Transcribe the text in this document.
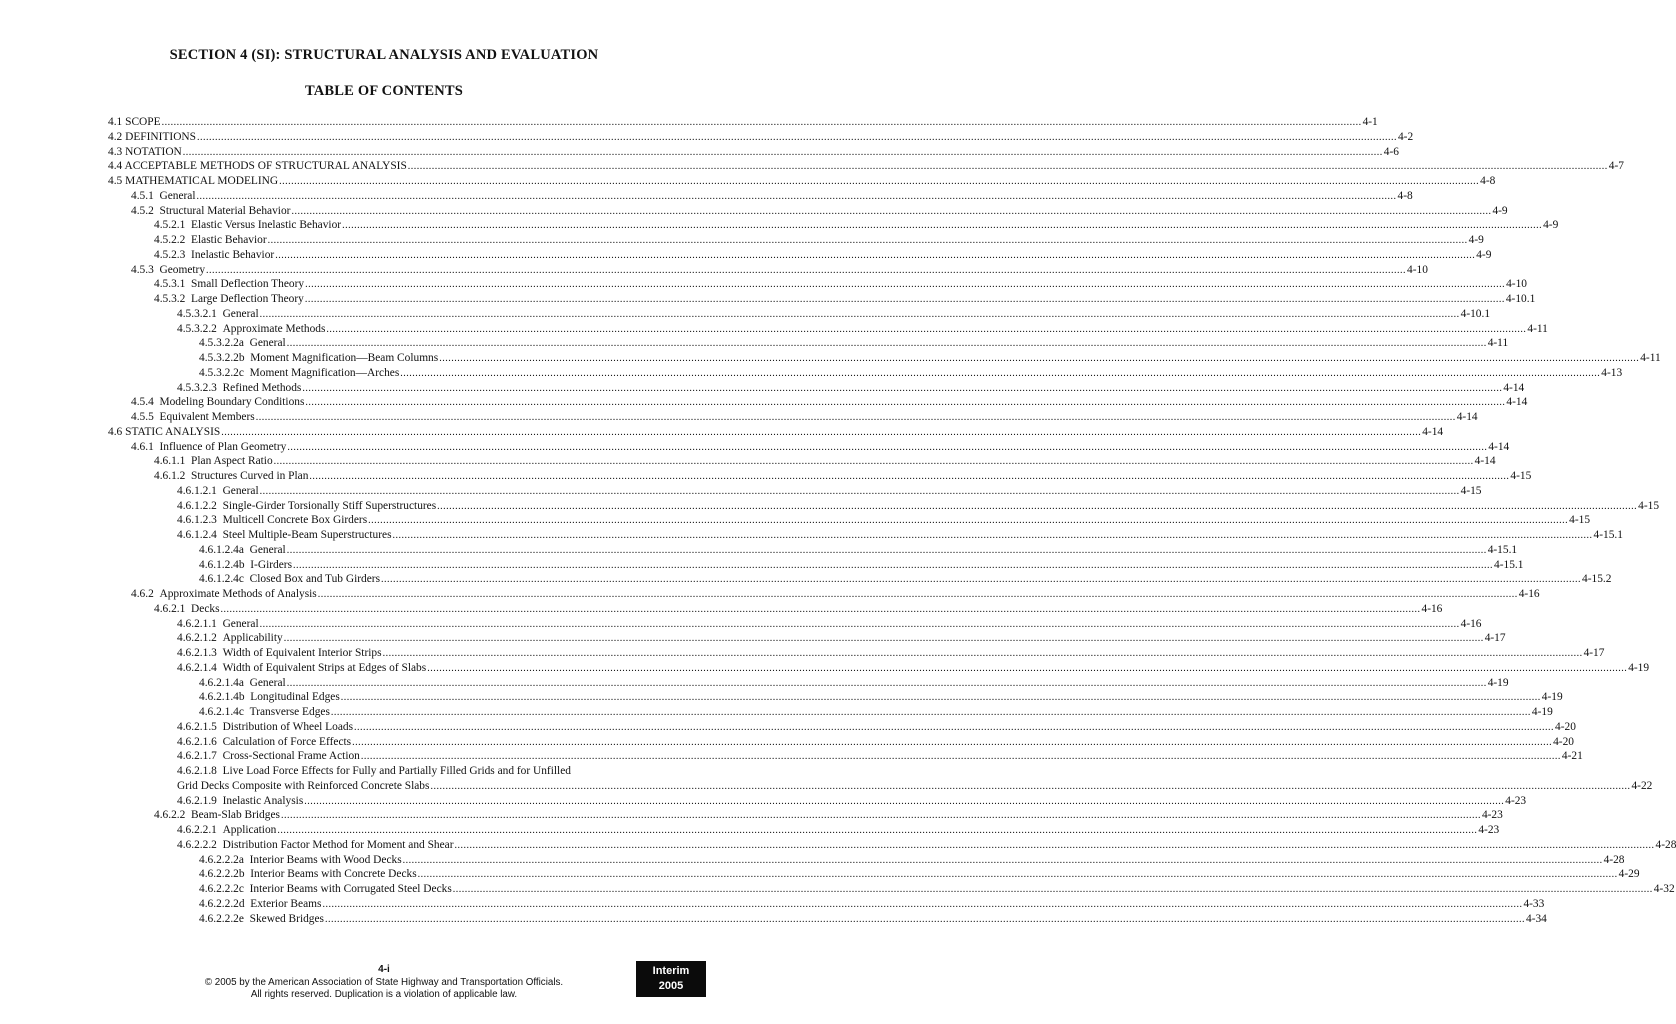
SECTION 4 (SI): STRUCTURAL ANALYSIS AND EVALUATION
TABLE OF CONTENTS
4.1 SCOPE ................................................................................................................................................................................................................................................................................................................................................................................................................ 4-1
4.2 DEFINITIONS ................................................................................................................................................................................................................................................................................................................................................................................................................ 4-2
4.3 NOTATION ................................................................................................................................................................................................................................................................................................................................................................................................................ 4-6
4.4 ACCEPTABLE METHODS OF STRUCTURAL ANALYSIS ................................................................................................................................................................................................................................................................................................................................................................................................................ 4-7
4.5 MATHEMATICAL MODELING ................................................................................................................................................................................................................................................................................................................................................................................................................ 4-8
4.5.1 General ................................................................................................................................................................................................................................................................................................................................................................................................................ 4-8
4.5.2 Structural Material Behavior ................................................................................................................................................................................................................................................................................................................................................................................................................ 4-9
4.5.2.1 Elastic Versus Inelastic Behavior ................................................................................................................................................................................................................................................................................................................................................................................................................ 4-9
4.5.2.2 Elastic Behavior ................................................................................................................................................................................................................................................................................................................................................................................................................ 4-9
4.5.2.3 Inelastic Behavior ................................................................................................................................................................................................................................................................................................................................................................................................................ 4-9
4.5.3 Geometry ................................................................................................................................................................................................................................................................................................................................................................................................................ 4-10
4.5.3.1 Small Deflection Theory ................................................................................................................................................................................................................................................................................................................................................................................................................ 4-10
4.5.3.2 Large Deflection Theory ................................................................................................................................................................................................................................................................................................................................................................................................................ 4-10.1
4.5.3.2.1 General ................................................................................................................................................................................................................................................................................................................................................................................................................ 4-10.1
4.5.3.2.2 Approximate Methods ................................................................................................................................................................................................................................................................................................................................................................................................................ 4-11
4.5.3.2.2a General ................................................................................................................................................................................................................................................................................................................................................................................................................ 4-11
4.5.3.2.2b Moment Magnification—Beam Columns ................................................................................................................................................................................................................................................................................................................................................................................................................ 4-11
4.5.3.2.2c Moment Magnification—Arches ................................................................................................................................................................................................................................................................................................................................................................................................................ 4-13
4.5.3.2.3 Refined Methods ................................................................................................................................................................................................................................................................................................................................................................................................................ 4-14
4.5.4 Modeling Boundary Conditions ................................................................................................................................................................................................................................................................................................................................................................................................................ 4-14
4.5.5 Equivalent Members ................................................................................................................................................................................................................................................................................................................................................................................................................ 4-14
4.6 STATIC ANALYSIS ................................................................................................................................................................................................................................................................................................................................................................................................................ 4-14
4.6.1 Influence of Plan Geometry ................................................................................................................................................................................................................................................................................................................................................................................................................ 4-14
4.6.1.1 Plan Aspect Ratio ................................................................................................................................................................................................................................................................................................................................................................................................................ 4-14
4.6.1.2 Structures Curved in Plan ................................................................................................................................................................................................................................................................................................................................................................................................................ 4-15
4.6.1.2.1 General ................................................................................................................................................................................................................................................................................................................................................................................................................ 4-15
4.6.1.2.2 Single-Girder Torsionally Stiff Superstructures ................................................................................................................................................................................................................................................................................................................................................................................................................ 4-15
4.6.1.2.3 Multicell Concrete Box Girders ................................................................................................................................................................................................................................................................................................................................................................................................................ 4-15
4.6.1.2.4 Steel Multiple-Beam Superstructures ................................................................................................................................................................................................................................................................................................................................................................................................................ 4-15.1
4.6.1.2.4a General ................................................................................................................................................................................................................................................................................................................................................................................................................ 4-15.1
4.6.1.2.4b I-Girders ................................................................................................................................................................................................................................................................................................................................................................................................................ 4-15.1
4.6.1.2.4c Closed Box and Tub Girders ................................................................................................................................................................................................................................................................................................................................................................................................................ 4-15.2
4.6.2 Approximate Methods of Analysis ................................................................................................................................................................................................................................................................................................................................................................................................................ 4-16
4.6.2.1 Decks ................................................................................................................................................................................................................................................................................................................................................................................................................ 4-16
4.6.2.1.1 General ................................................................................................................................................................................................................................................................................................................................................................................................................ 4-16
4.6.2.1.2 Applicability ................................................................................................................................................................................................................................................................................................................................................................................................................ 4-17
4.6.2.1.3 Width of Equivalent Interior Strips ................................................................................................................................................................................................................................................................................................................................................................................................................ 4-17
4.6.2.1.4 Width of Equivalent Strips at Edges of Slabs ................................................................................................................................................................................................................................................................................................................................................................................................................ 4-19
4.6.2.1.4a General ................................................................................................................................................................................................................................................................................................................................................................................................................ 4-19
4.6.2.1.4b Longitudinal Edges ................................................................................................................................................................................................................................................................................................................................................................................................................ 4-19
4.6.2.1.4c Transverse Edges ................................................................................................................................................................................................................................................................................................................................................................................................................ 4-19
4.6.2.1.5 Distribution of Wheel Loads ................................................................................................................................................................................................................................................................................................................................................................................................................ 4-20
4.6.2.1.6 Calculation of Force Effects ................................................................................................................................................................................................................................................................................................................................................................................................................ 4-20
4.6.2.1.7 Cross-Sectional Frame Action ................................................................................................................................................................................................................................................................................................................................................................................................................ 4-21
4.6.2.1.8 Live Load Force Effects for Fully and Partially Filled Grids and for Unfilled
Grid Decks Composite with Reinforced Concrete Slabs ................................................................................................................................................................................................................................................................................................................................................................................................................ 4-22
4.6.2.1.9 Inelastic Analysis ................................................................................................................................................................................................................................................................................................................................................................................................................ 4-23
4.6.2.2 Beam-Slab Bridges ................................................................................................................................................................................................................................................................................................................................................................................................................ 4-23
4.6.2.2.1 Application ................................................................................................................................................................................................................................................................................................................................................................................................................ 4-23
4.6.2.2.2 Distribution Factor Method for Moment and Shear ................................................................................................................................................................................................................................................................................................................................................................................................................ 4-28
4.6.2.2.2a Interior Beams with Wood Decks ................................................................................................................................................................................................................................................................................................................................................................................................................ 4-28
4.6.2.2.2b Interior Beams with Concrete Decks ................................................................................................................................................................................................................................................................................................................................................................................................................ 4-29
4.6.2.2.2c Interior Beams with Corrugated Steel Decks ................................................................................................................................................................................................................................................................................................................................................................................................................ 4-32
4.6.2.2.2d Exterior Beams ................................................................................................................................................................................................................................................................................................................................................................................................................ 4-33
4.6.2.2.2e Skewed Bridges ................................................................................................................................................................................................................................................................................................................................................................................................................ 4-34
4-i
© 2005 by the American Association of State Highway and Transportation Officials.
All rights reserved. Duplication is a violation of applicable law.
Interim
2005
